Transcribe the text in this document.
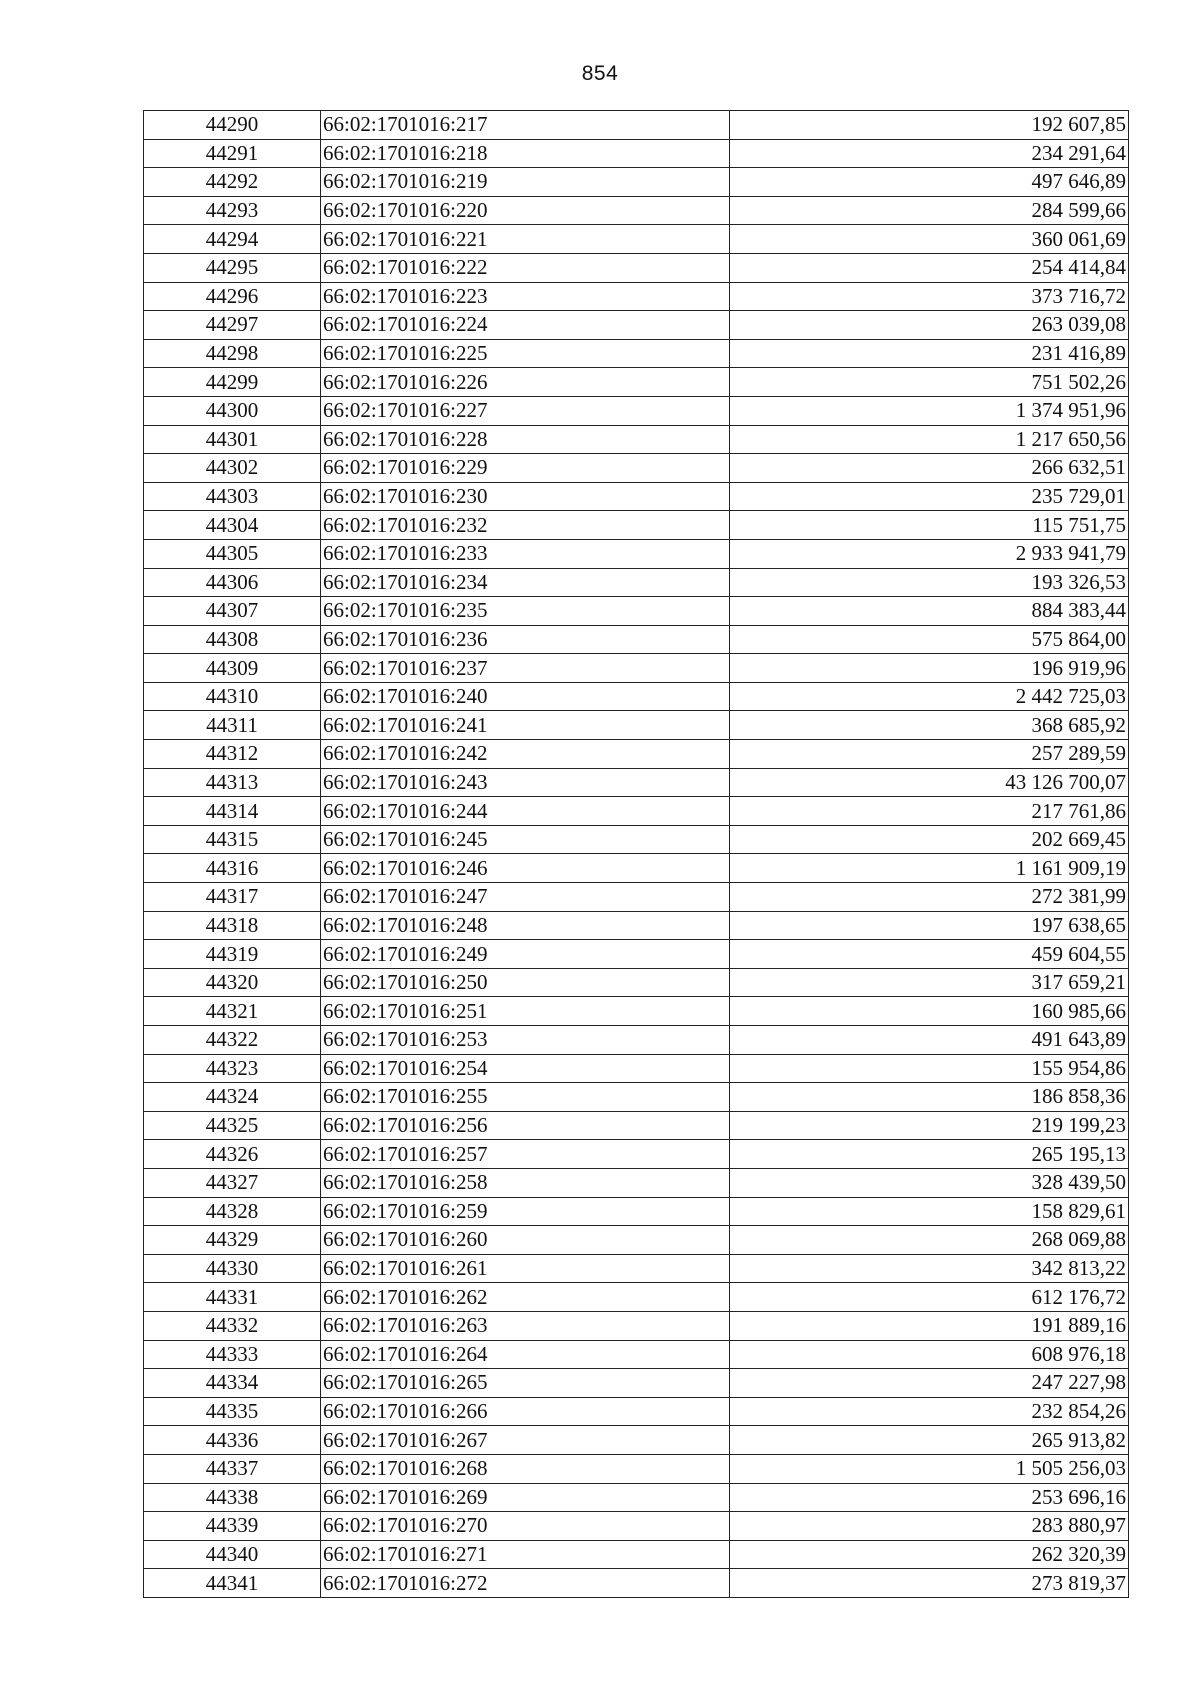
854
44290	66:02:1701016:217	192 607,85
44291	66:02:1701016:218	234 291,64
44292	66:02:1701016:219	497 646,89
44293	66:02:1701016:220	284 599,66
44294	66:02:1701016:221	360 061,69
44295	66:02:1701016:222	254 414,84
44296	66:02:1701016:223	373 716,72
44297	66:02:1701016:224	263 039,08
44298	66:02:1701016:225	231 416,89
44299	66:02:1701016:226	751 502,26
44300	66:02:1701016:227	1 374 951,96
44301	66:02:1701016:228	1 217 650,56
44302	66:02:1701016:229	266 632,51
44303	66:02:1701016:230	235 729,01
44304	66:02:1701016:232	115 751,75
44305	66:02:1701016:233	2 933 941,79
44306	66:02:1701016:234	193 326,53
44307	66:02:1701016:235	884 383,44
44308	66:02:1701016:236	575 864,00
44309	66:02:1701016:237	196 919,96
44310	66:02:1701016:240	2 442 725,03
44311	66:02:1701016:241	368 685,92
44312	66:02:1701016:242	257 289,59
44313	66:02:1701016:243	43 126 700,07
44314	66:02:1701016:244	217 761,86
44315	66:02:1701016:245	202 669,45
44316	66:02:1701016:246	1 161 909,19
44317	66:02:1701016:247	272 381,99
44318	66:02:1701016:248	197 638,65
44319	66:02:1701016:249	459 604,55
44320	66:02:1701016:250	317 659,21
44321	66:02:1701016:251	160 985,66
44322	66:02:1701016:253	491 643,89
44323	66:02:1701016:254	155 954,86
44324	66:02:1701016:255	186 858,36
44325	66:02:1701016:256	219 199,23
44326	66:02:1701016:257	265 195,13
44327	66:02:1701016:258	328 439,50
44328	66:02:1701016:259	158 829,61
44329	66:02:1701016:260	268 069,88
44330	66:02:1701016:261	342 813,22
44331	66:02:1701016:262	612 176,72
44332	66:02:1701016:263	191 889,16
44333	66:02:1701016:264	608 976,18
44334	66:02:1701016:265	247 227,98
44335	66:02:1701016:266	232 854,26
44336	66:02:1701016:267	265 913,82
44337	66:02:1701016:268	1 505 256,03
44338	66:02:1701016:269	253 696,16
44339	66:02:1701016:270	283 880,97
44340	66:02:1701016:271	262 320,39
44341	66:02:1701016:272	273 819,37
